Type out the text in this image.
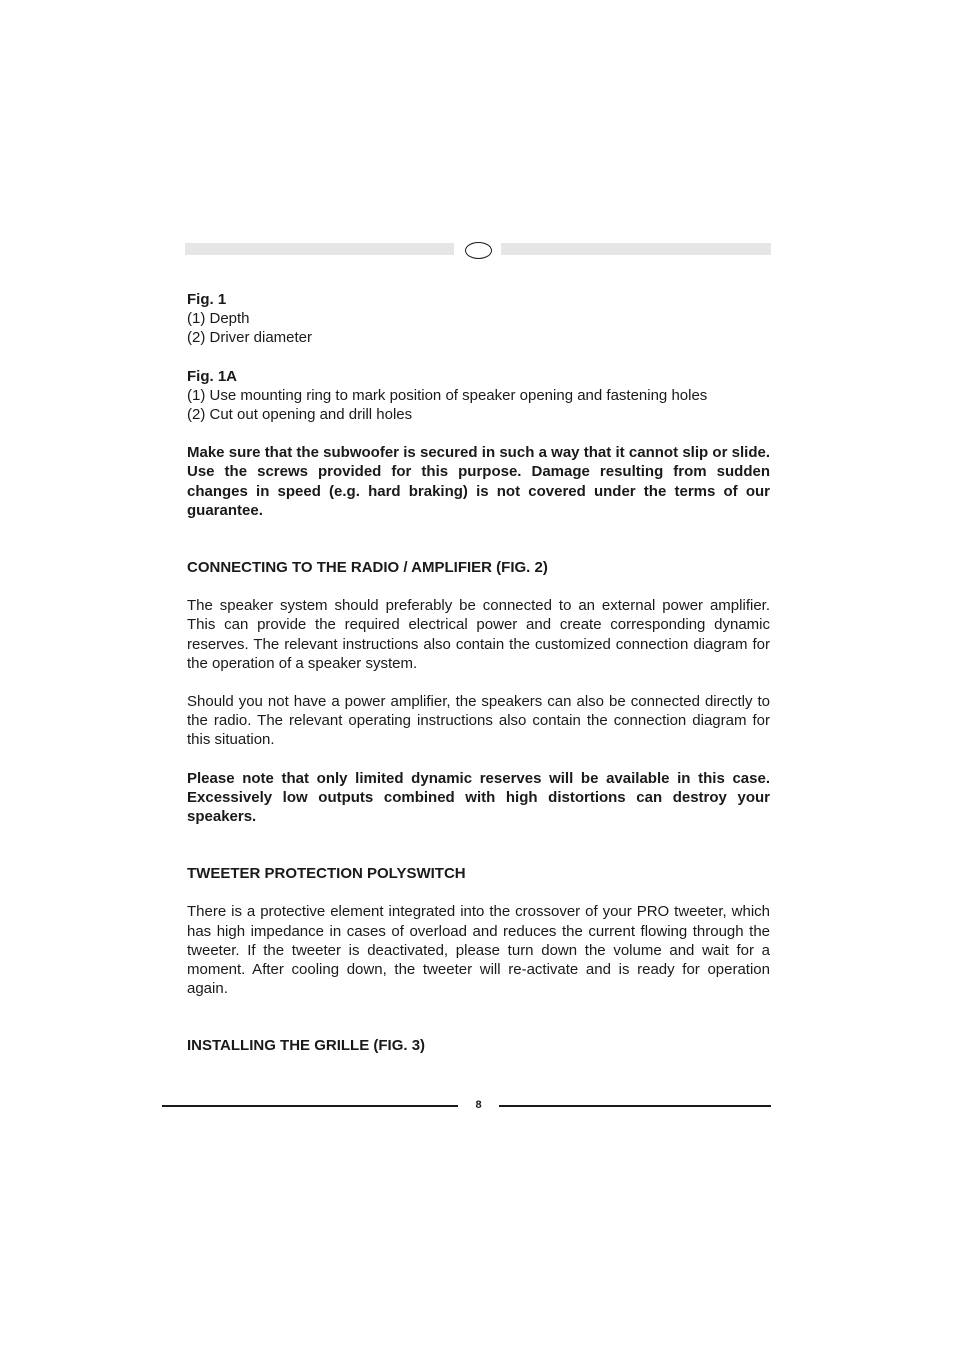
Fig. 1

(1) Depth

(2) Driver diameter

Fig. 1A

(1) Use mounting ring to mark position of speaker opening and fastening holes

(2) Cut out opening and drill holes

Make sure that the subwoofer is secured in such a way that it cannot slip or slide. Use the screws provided for this purpose. Damage resulting from sudden changes in speed (e.g. hard braking) is not covered under the terms of our guarantee.

CONNECTING TO THE RADIO / AMPLIFIER (FIG. 2)

The speaker system should preferably be connected to an external power amplifier. This can provide the required electrical power and create corresponding dynamic reserves. The relevant instructions also contain the customized connection diagram for the operation of a speaker system.

Should you not have a power amplifier, the speakers can also be connected directly to the radio. The relevant operating instructions also contain the connection diagram for this situation.

Please note that only limited dynamic reserves will be available in this case. Excessively low outputs combined with high distortions can destroy your speakers.

TWEETER PROTECTION POLYSWITCH

There is a protective element integrated into the crossover of your PRO tweeter, which has high impedance in cases of overload and reduces the current flowing through the tweeter. If the tweeter is deactivated, please turn down the volume and wait for a moment. After cooling down, the tweeter will re-activate and is ready for operation again.

INSTALLING THE GRILLE (FIG. 3)

8
